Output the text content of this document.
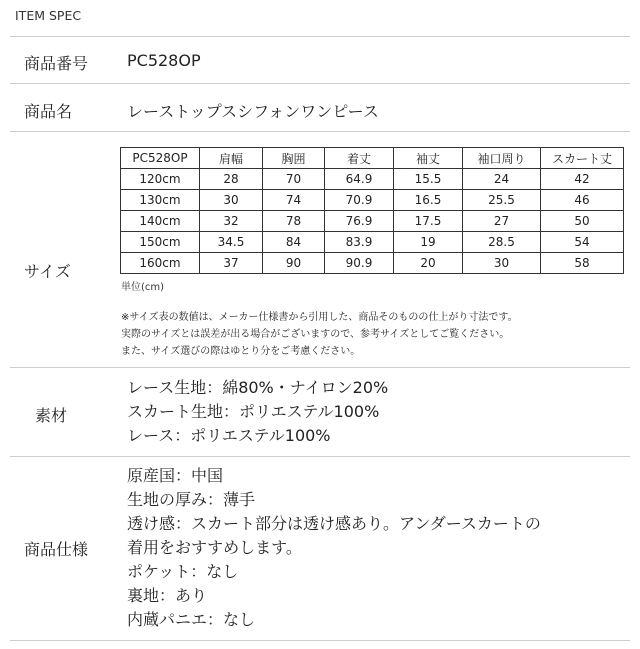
ITEM SPEC
商品番号 PC528OP
商品名	レーストップスシフォンワンピース
サイズ
PC528OP	肩幅	胸囲	着丈	袖丈	袖口周り	スカート丈
120cm	28	70	64.9	15.5	24	42
130cm	30	74	70.9	16.5	25.5	46
140cm	32	78	76.9	17.5	27	50
150cm	34.5	84	83.9	19	28.5	54
160cm	37	90	90.9	20	30	58
単位(cm)
※サイズ表の数値は、メーカー仕様書から引用した、商品そのものの仕上がり寸法です。
実際のサイズとは誤差が出る場合がございますので、参考サイズとしてご覧ください。
また、サイズ選びの際はゆとり分をご考慮ください。
素材
レース生地：綿80%・ナイロン20%
スカート生地：ポリエステル100%
レース：ポリエステル100%
商品仕様
原産国：中国
生地の厚み：薄手
透け感：スカート部分は透け感あり。アンダースカートの
着用をおすすめします。
ポケット：なし
裏地：あり
内蔵パニエ：なし
